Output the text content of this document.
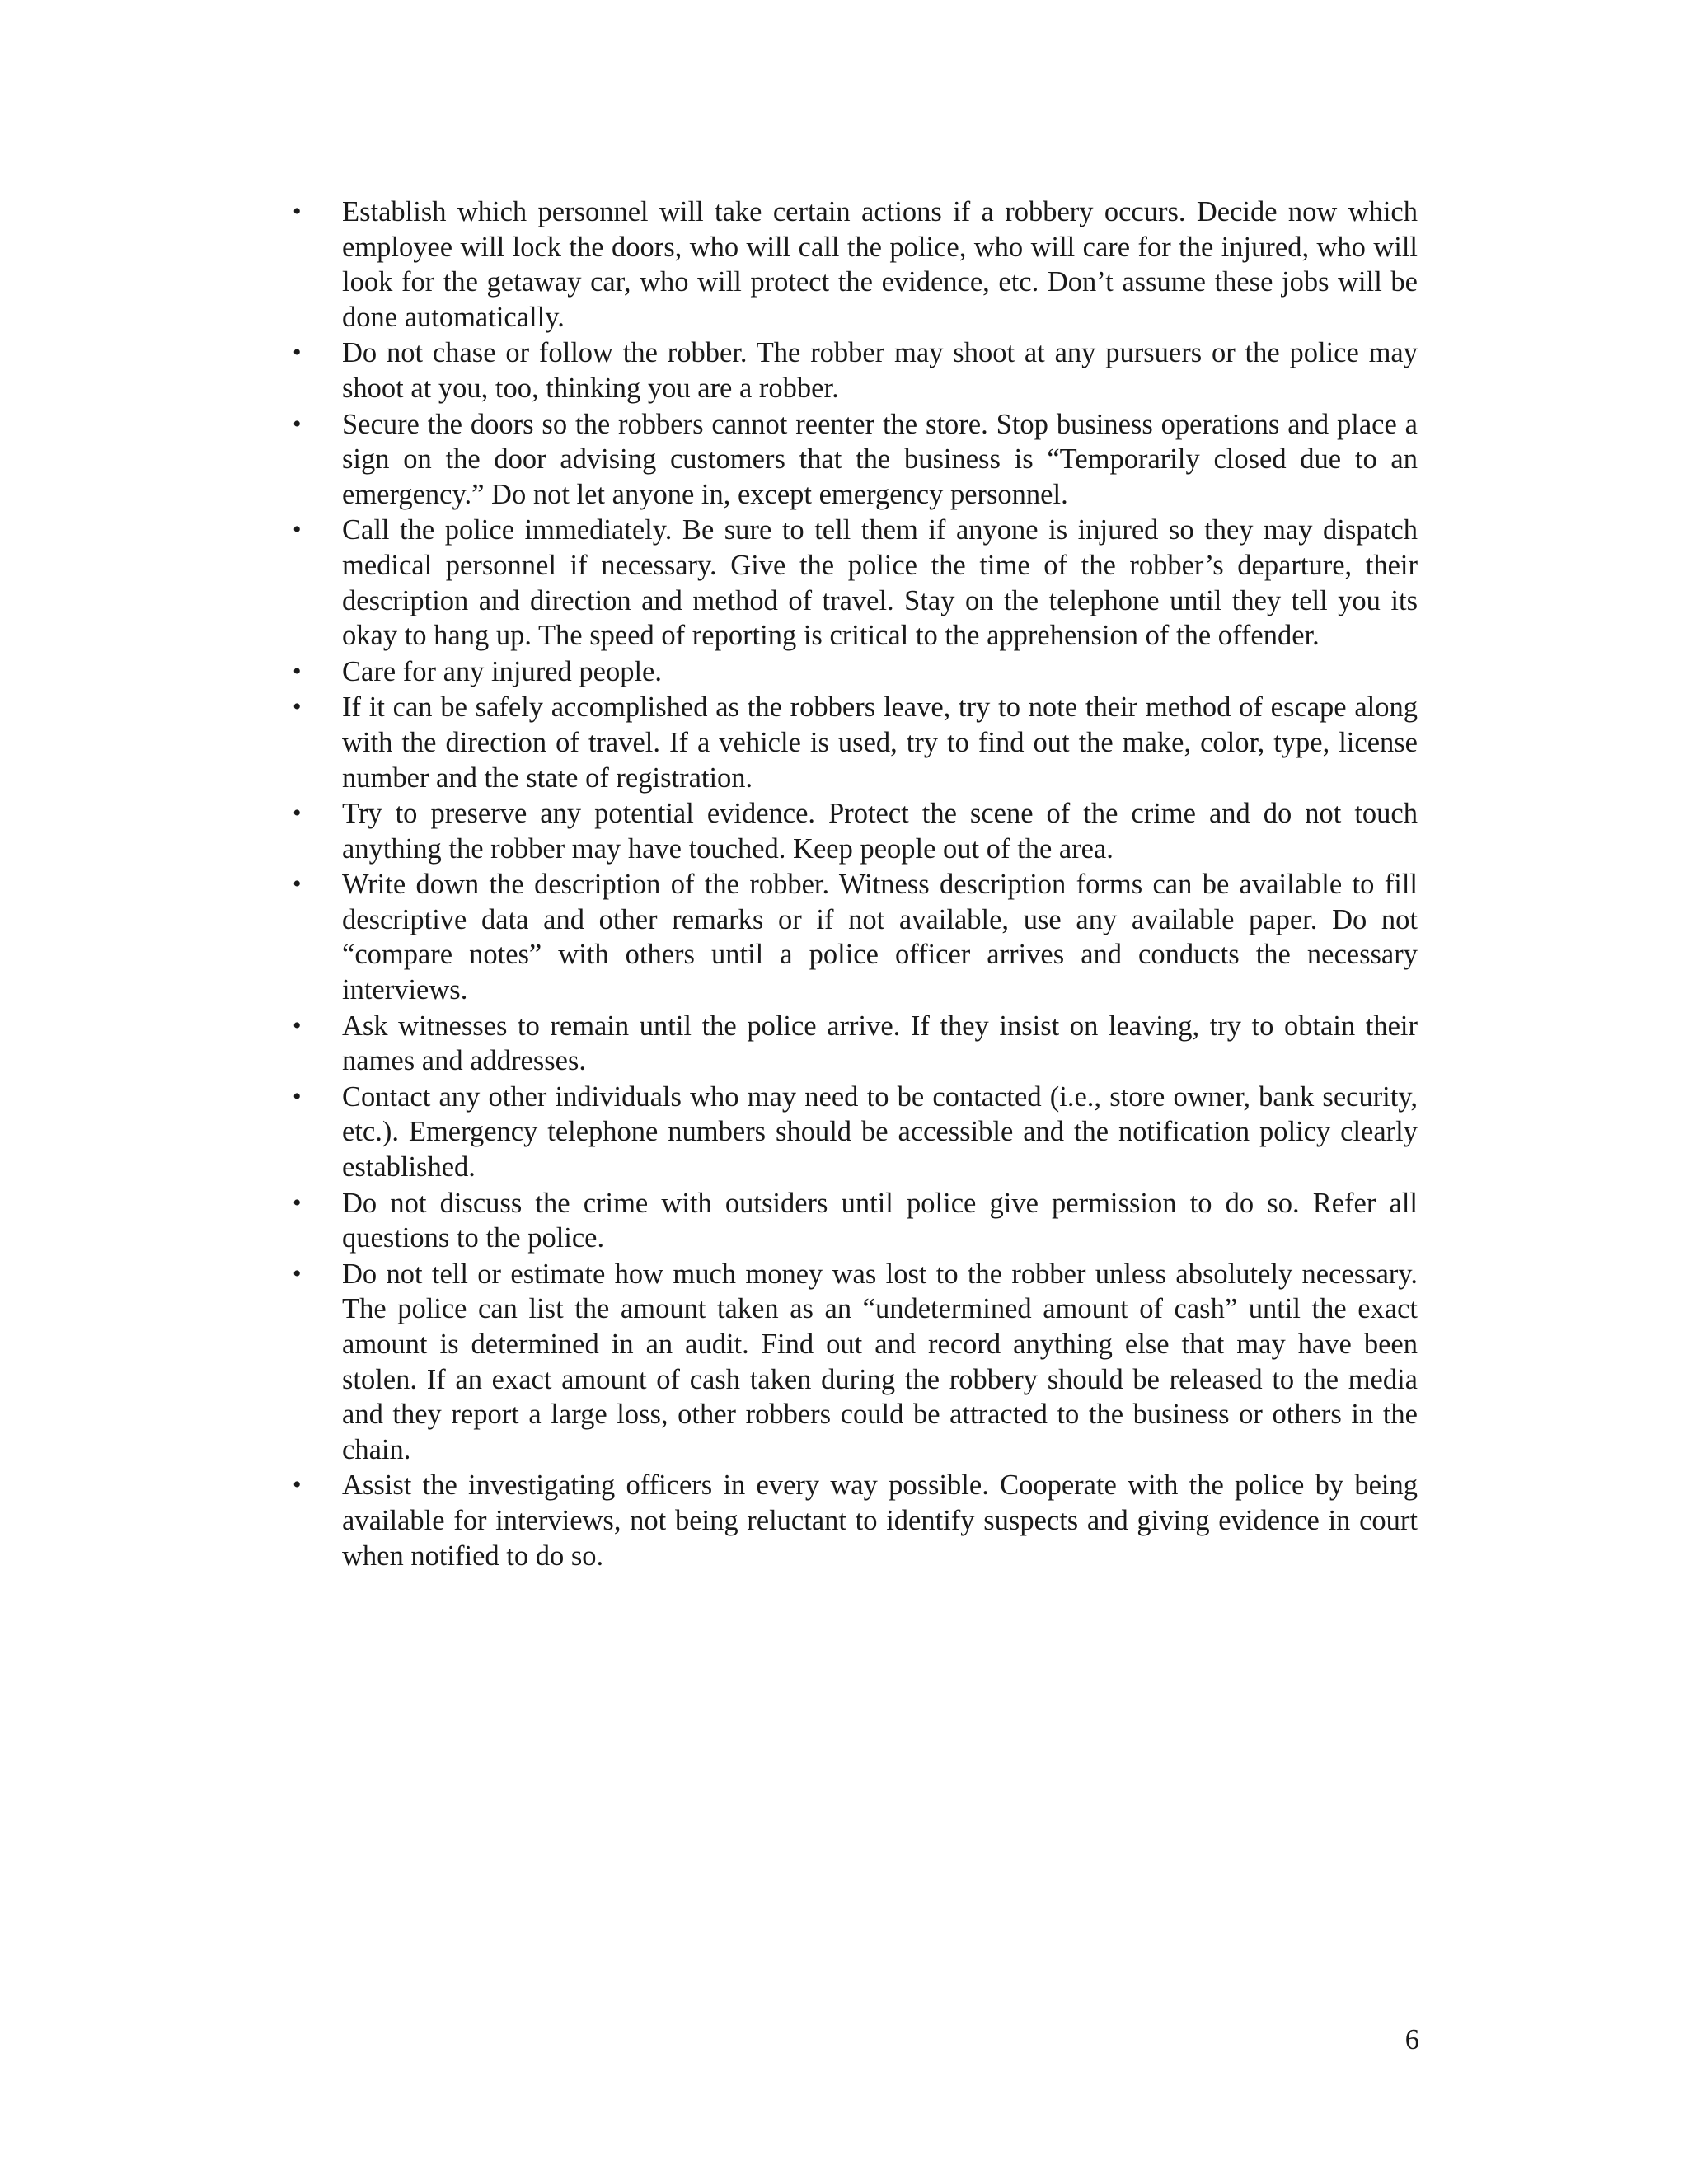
• Establish which personnel will take certain actions if a robbery occurs. Decide now which employee will lock the doors, who will call the police, who will care for the injured, who will look for the getaway car, who will protect the evidence, etc. Don’t assume these jobs will be done automatically.
• Do not chase or follow the robber. The robber may shoot at any pursuers or the police may shoot at you, too, thinking you are a robber.
• Secure the doors so the robbers cannot reenter the store. Stop business operations and place a sign on the door advising customers that the business is “Temporarily closed due to an emergency.” Do not let anyone in, except emergency personnel.
• Call the police immediately. Be sure to tell them if anyone is injured so they may dispatch medical personnel if necessary. Give the police the time of the robber’s departure, their description and direction and method of travel. Stay on the telephone until they tell you its okay to hang up. The speed of reporting is critical to the apprehension of the offender.
• Care for any injured people.
• If it can be safely accomplished as the robbers leave, try to note their method of escape along with the direction of travel. If a vehicle is used, try to find out the make, color, type, license number and the state of registration.
• Try to preserve any potential evidence. Protect the scene of the crime and do not touch anything the robber may have touched. Keep people out of the area.
• Write down the description of the robber. Witness description forms can be available to fill descriptive data and other remarks or if not available, use any available paper. Do not “compare notes” with others until a police officer arrives and conducts the necessary interviews.
• Ask witnesses to remain until the police arrive. If they insist on leaving, try to obtain their names and addresses.
• Contact any other individuals who may need to be contacted (i.e., store owner, bank security, etc.). Emergency telephone numbers should be accessible and the notification policy clearly established.
• Do not discuss the crime with outsiders until police give permission to do so. Refer all questions to the police.
• Do not tell or estimate how much money was lost to the robber unless absolutely necessary. The police can list the amount taken as an “undetermined amount of cash” until the exact amount is determined in an audit. Find out and record anything else that may have been stolen. If an exact amount of cash taken during the robbery should be released to the media and they report a large loss, other robbers could be attracted to the business or others in the chain.
• Assist the investigating officers in every way possible. Cooperate with the police by being available for interviews, not being reluctant to identify suspects and giving evidence in court when notified to do so.
6
